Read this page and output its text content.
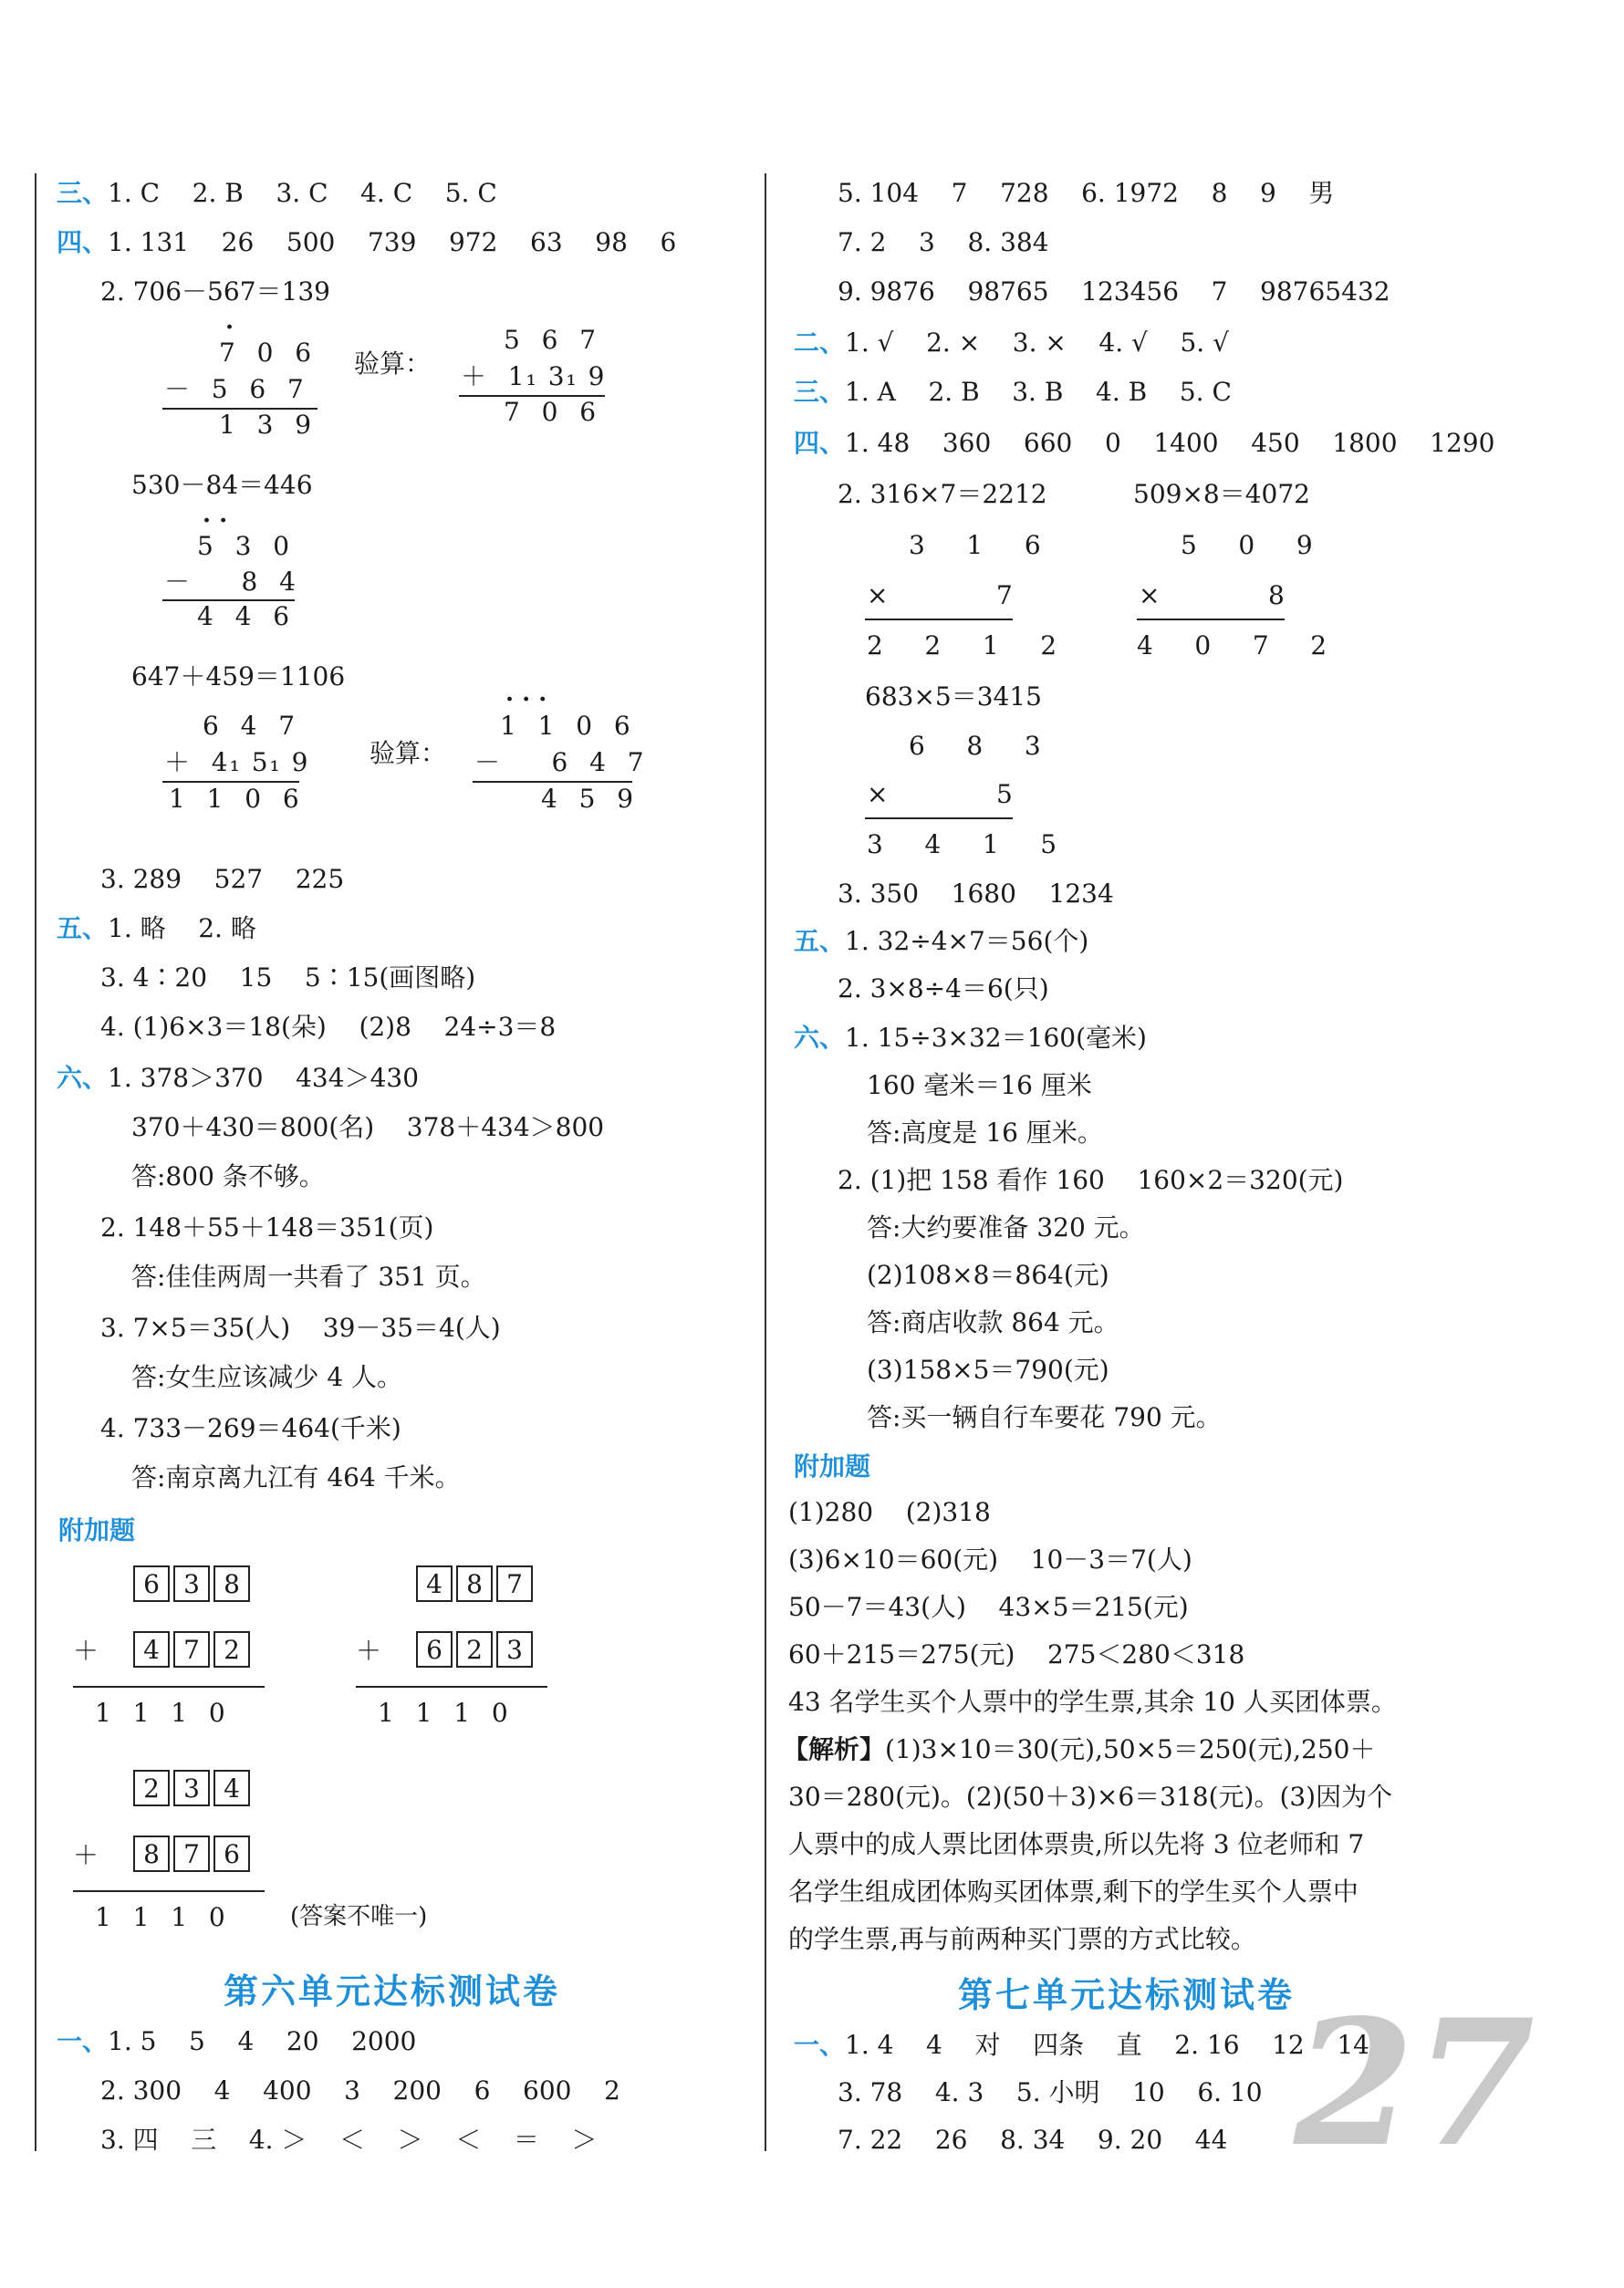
三、1. C    2. B    3. C    4. C    5. C
四、1. 131    26    500    739    972    63    98    6
2. 706－567＝139
·
7  0  6
－  5  6  7
1  3  9
验算：
5  6  7
＋  1₁ 3₁ 9
7  0  6
530－84＝446
· ·
5  3  0
－     8  4
4  4  6
647＋459＝1106
6  4  7
＋  4₁ 5₁ 9
1  1  0  6
验算：
· · ·
1  1  0  6
－     6  4  7
4  5  9
3. 289    527    225
五、1. 略    2. 略
3. 4∶20    15    5∶15(画图略)
4. (1)6×3＝18(朵)    (2)8    24÷3＝8
六、1. 378＞370    434＞430
370＋430＝800(名)    378＋434＞800
答:800 条不够。
2. 148＋55＋148＝351(页)
答:佳佳两周一共看了 351 页。
3. 7×5＝35(人)    39－35＝4(人)
答:女生应该减少 4 人。
4. 733－269＝464(千米)
答:南京离九江有 464 千米。
附加题
6 3 8
＋	4 7 2
1  1  1  0
4 8 7
＋	6 2 3
1  1  1  0
2 3 4
＋	8 7 6
1  1  1  0	(答案不唯一)
第六单元达标测试卷
一、1. 5    5    4    20    2000
2. 300    4    400    3    200    6    600    2
3. 四    三    4. ＞    ＜    ＞    ＜    ＝    ＞
5. 104    7    728    6. 1972    8    9    男
7. 2    3    8. 384
9. 9876    98765    123456    7    98765432
二、1. √    2. ×    3. ×    4. √    5. √
三、1. A    2. B    3. B    4. B    5. C
四、1. 48    360    660    0    1400    450    1800    1290
2. 316×7＝2212	509×8＝4072
3    1    6
×	7
2    2    1    2
5    0    9
×	8
4    0    7    2
683×5＝3415
6    8    3
×	5
3    4    1    5
3. 350    1680    1234
五、1. 32÷4×7＝56(个)
2. 3×8÷4＝6(只)
六、1. 15÷3×32＝160(毫米)
160 毫米＝16 厘米
答:高度是 16 厘米。
2. (1)把 158 看作 160    160×2＝320(元)
答:大约要准备 320 元。
(2)108×8＝864(元)
答:商店收款 864 元。
(3)158×5＝790(元)
答:买一辆自行车要花 790 元。
附加题
(1)280    (2)318
(3)6×10＝60(元)    10－3＝7(人)
50－7＝43(人)    43×5＝215(元)
60＋215＝275(元)    275＜280＜318
43 名学生买个人票中的学生票,其余 10 人买团体票。
【解析】(1)3×10＝30(元),50×5＝250(元),250＋
30＝280(元)。(2)(50＋3)×6＝318(元)。(3)因为个
人票中的成人票比团体票贵,所以先将 3 位老师和 7
名学生组成团体购买团体票,剩下的学生买个人票中
的学生票,再与前两种买门票的方式比较。
第七单元达标测试卷
27
一、1. 4    4    对    四条    直    2. 16    12    14
3. 78    4. 3    5. 小明    10    6. 10
7. 22    26    8. 34    9. 20    44
